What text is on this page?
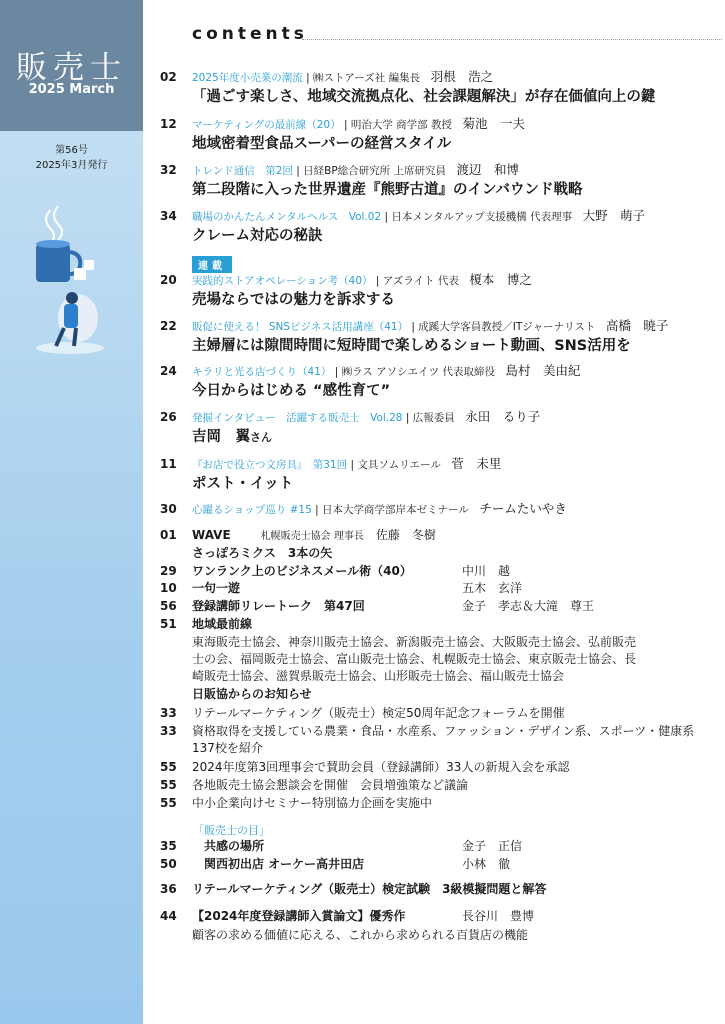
販売士
2025 March
第56号
2025年3月発行
contents
02	2025年度小売業の潮流 | ㈱ストアーズ社 編集長　 羽根　浩之
「過ごす楽しさ、地域交流拠点化、社会課題解決」が存在価値向上の鍵
12	マーケティングの最前線（20） | 明治大学 商学部 教授　 菊池　一夫
地域密着型食品スーパーの経営スタイル
32	トレンド通信　第2回 | 日経BP総合研究所 上席研究員　 渡辺　和博
第二段階に入った世界遺産『熊野古道』のインバウンド戦略
34	職場のかんたんメンタルヘルス　Vol.02 | 日本メンタルアップ支援機構 代表理事　 大野　萌子
クレーム対応の秘訣
連載
20	実践的ストアオペレーション考（40） | アズライト 代表　 榎本　博之
売場ならではの魅力を訴求する
22	販促に使える！ SNSビジネス活用講座（41） | 成蹊大学客員教授／ITジャーナリスト　 高橋　暁子
主婦層には隙間時間に短時間で楽しめるショート動画、SNS活用を
24	キラリと光る店づくり（41） | ㈱ラス アソシエイツ 代表取締役　 島村　美由紀
今日からはじめる “感性育て”
26	発掘インタビュー　活躍する販売士　Vol.28 | 広報委員　 永田　るり子
吉岡　翼さん
11	『お店で役立つ文房具』　第31回 | 文具ソムリエール　 菅　未里
ポスト・イット
30	心躍るショップ巡り #15 | 日本大学商学部岸本ゼミナール　 チームたいやき
01	WAVE	札幌販売士協会 理事長　 佐藤　冬樹
さっぽろミクス　3本の矢
29	ワンランク上のビジネスメール術（40）	中川　越
10	一句一遊	五木　玄洋
56	登録講師リレートーク　第47回	金子　孝志＆大滝　尊王
51	地域最前線
東海販売士協会、神奈川販売士協会、新潟販売士協会、大阪販売士協会、弘前販売
士の会、福岡販売士協会、富山販売士協会、札幌販売士協会、東京販売士協会、長
崎販売士協会、滋賀県販売士協会、山形販売士協会、福山販売士協会
日販協からのお知らせ
33	リテールマーケティング（販売士）検定50周年記念フォーラムを開催
33	資格取得を支援している農業・食品・水産系、ファッション・デザイン系、スポーツ・健康系
137校を紹介
55	2024年度第3回理事会で賛助会員（登録講師）33人の新規入会を承認
55	各地販売士協会懇談会を開催　会員増強策など議論
55	中小企業向けセミナー特別協力企画を実施中
「販売士の目」
35	共感の場所	金子　正信
50	関西初出店 オーケー高井田店	小林　徹
36	リテールマーケティング（販売士）検定試験　3級模擬問題と解答
44	【2024年度登録講師入賞論文】優秀作	長谷川　豊博
顧客の求める価値に応える、これから求められる百貨店の機能
